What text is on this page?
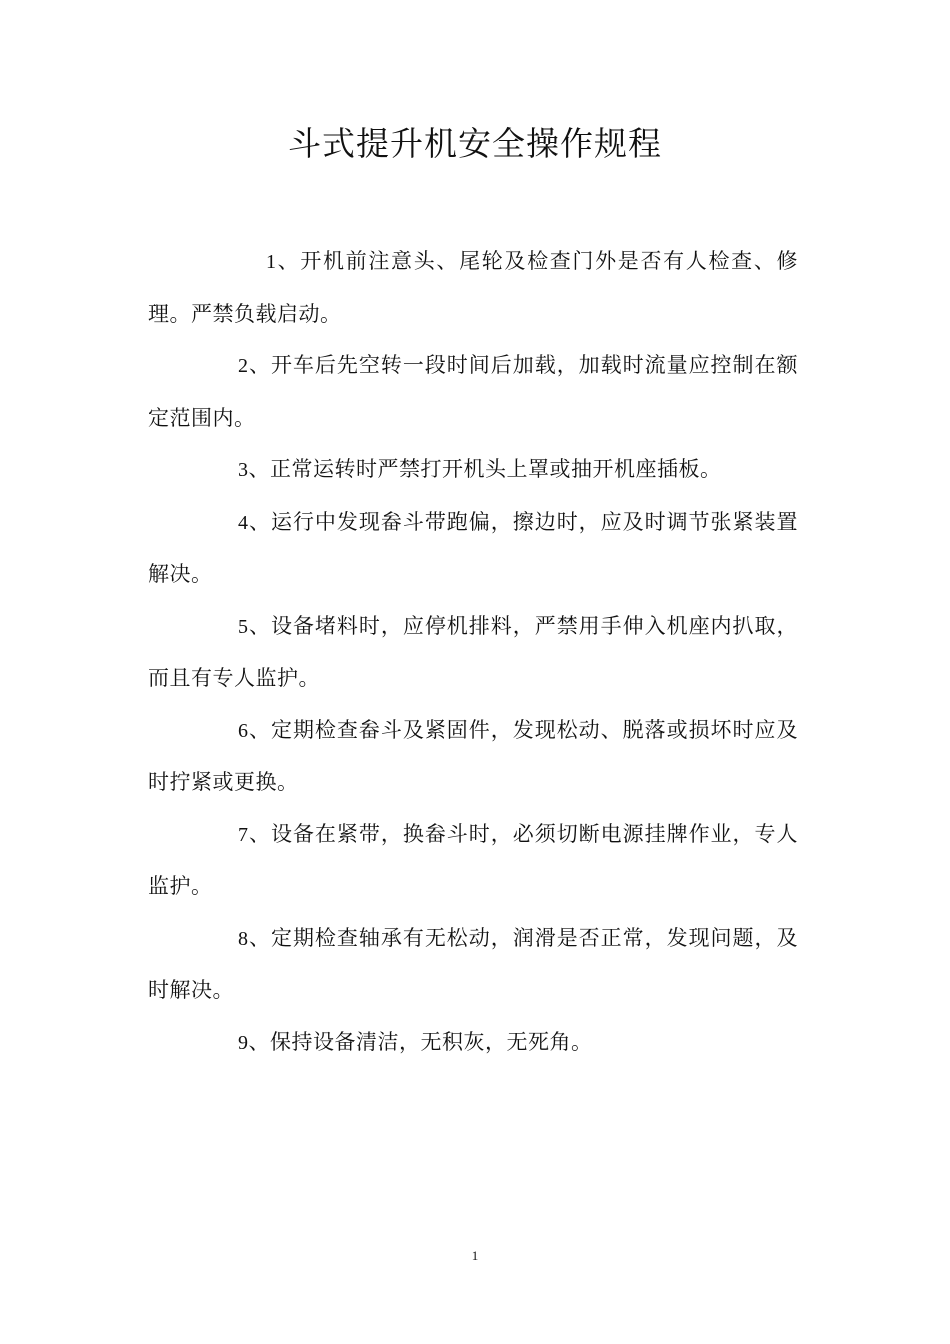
斗式提升机安全操作规程

1、开机前注意头、尾轮及检查门外是否有人检查、修理。严禁负载启动。

2、开车后先空转一段时间后加载，加载时流量应控制在额定范围内。

3、正常运转时严禁打开机头上罩或抽开机座插板。

4、运行中发现畚斗带跑偏，擦边时，应及时调节张紧装置解决。

5、设备堵料时，应停机排料，严禁用手伸入机座内扒取，而且有专人监护。

6、定期检查畚斗及紧固件，发现松动、脱落或损坏时应及时拧紧或更换。

7、设备在紧带，换畚斗时，必须切断电源挂牌作业，专人监护。

8、定期检查轴承有无松动，润滑是否正常，发现问题，及时解决。

9、保持设备清洁，无积灰，无死角。

1
